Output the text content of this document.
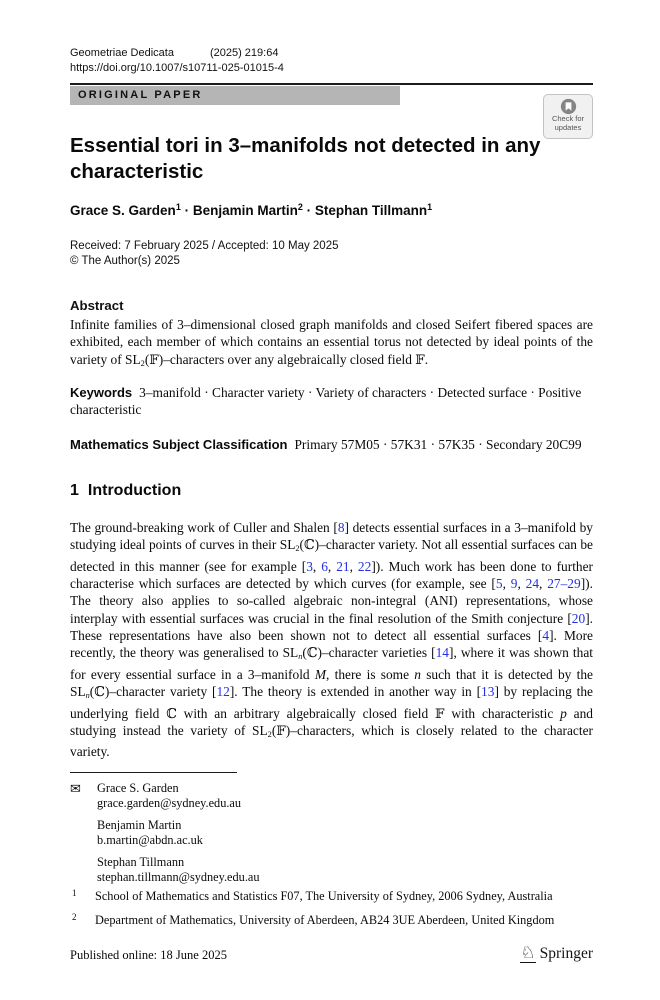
Geometriae Dedicata	(2025) 219:64
https://doi.org/10.1007/s10711-025-01015-4
ORIGINAL PAPER
Check for
updates
Essential tori in 3–manifolds not detected in any characteristic
Grace S. Garden$^1$ · Benjamin Martin$^2$ · Stephan Tillmann$^1$
Received: 7 February 2025 / Accepted: 10 May 2025
© The Author(s) 2025
Abstract
Infinite families of 3–dimensional closed graph manifolds and closed Seifert fibered spaces are exhibited, each member of which contains an essential torus not detected by ideal points of the variety of $SL_2(𝔽)$–characters over any algebraically closed field 𝔽.
Keywords 3–manifold · Character variety · Variety of characters · Detected surface · Positive characteristic
Mathematics Subject Classification Primary 57M05 · 57K31 · 57K35 · Secondary 20C99
1 Introduction
The ground-breaking work of Culler and Shalen [8] detects essential surfaces in a 3–manifold by studying ideal points of curves in their $SL_2(ℂ)$–character variety. Not all essential surfaces can be detected in this manner (see for example [3, 6, 21, 22]). Much work has been done to further characterise which surfaces are detected by which curves (for example, see [5, 9, 24, 27–29]). The theory also applies to so-called algebraic non-integral (ANI) representations, whose interplay with essential surfaces was crucial in the final resolution of the Smith conjecture [20]. These representations have also been shown not to detect all essential surfaces [4]. More recently, the theory was generalised to SLn(ℂ)–character varieties [14], where it was shown that for every essential surface in a 3–manifold M, there is some n such that it is detected by the SLn(ℂ)–character variety [12]. The theory is extended in another way in [13] by replacing the underlying field ℂ with an arbitrary algebraically closed field 𝔽 with characteristic p and studying instead the variety of $SL_2(𝔽)$–characters, which is closely related to the character variety.
✉ Grace S. Garden
grace.garden@sydney.edu.au
Benjamin Martin
b.martin@abdn.ac.uk
Stephan Tillmann
stephan.tillmann@sydney.edu.au
1	School of Mathematics and Statistics F07, The University of Sydney, 2006 Sydney, Australia
2	Department of Mathematics, University of Aberdeen, AB24 3UE Aberdeen, United Kingdom
Published online: 18 June 2025	♘ Springer
